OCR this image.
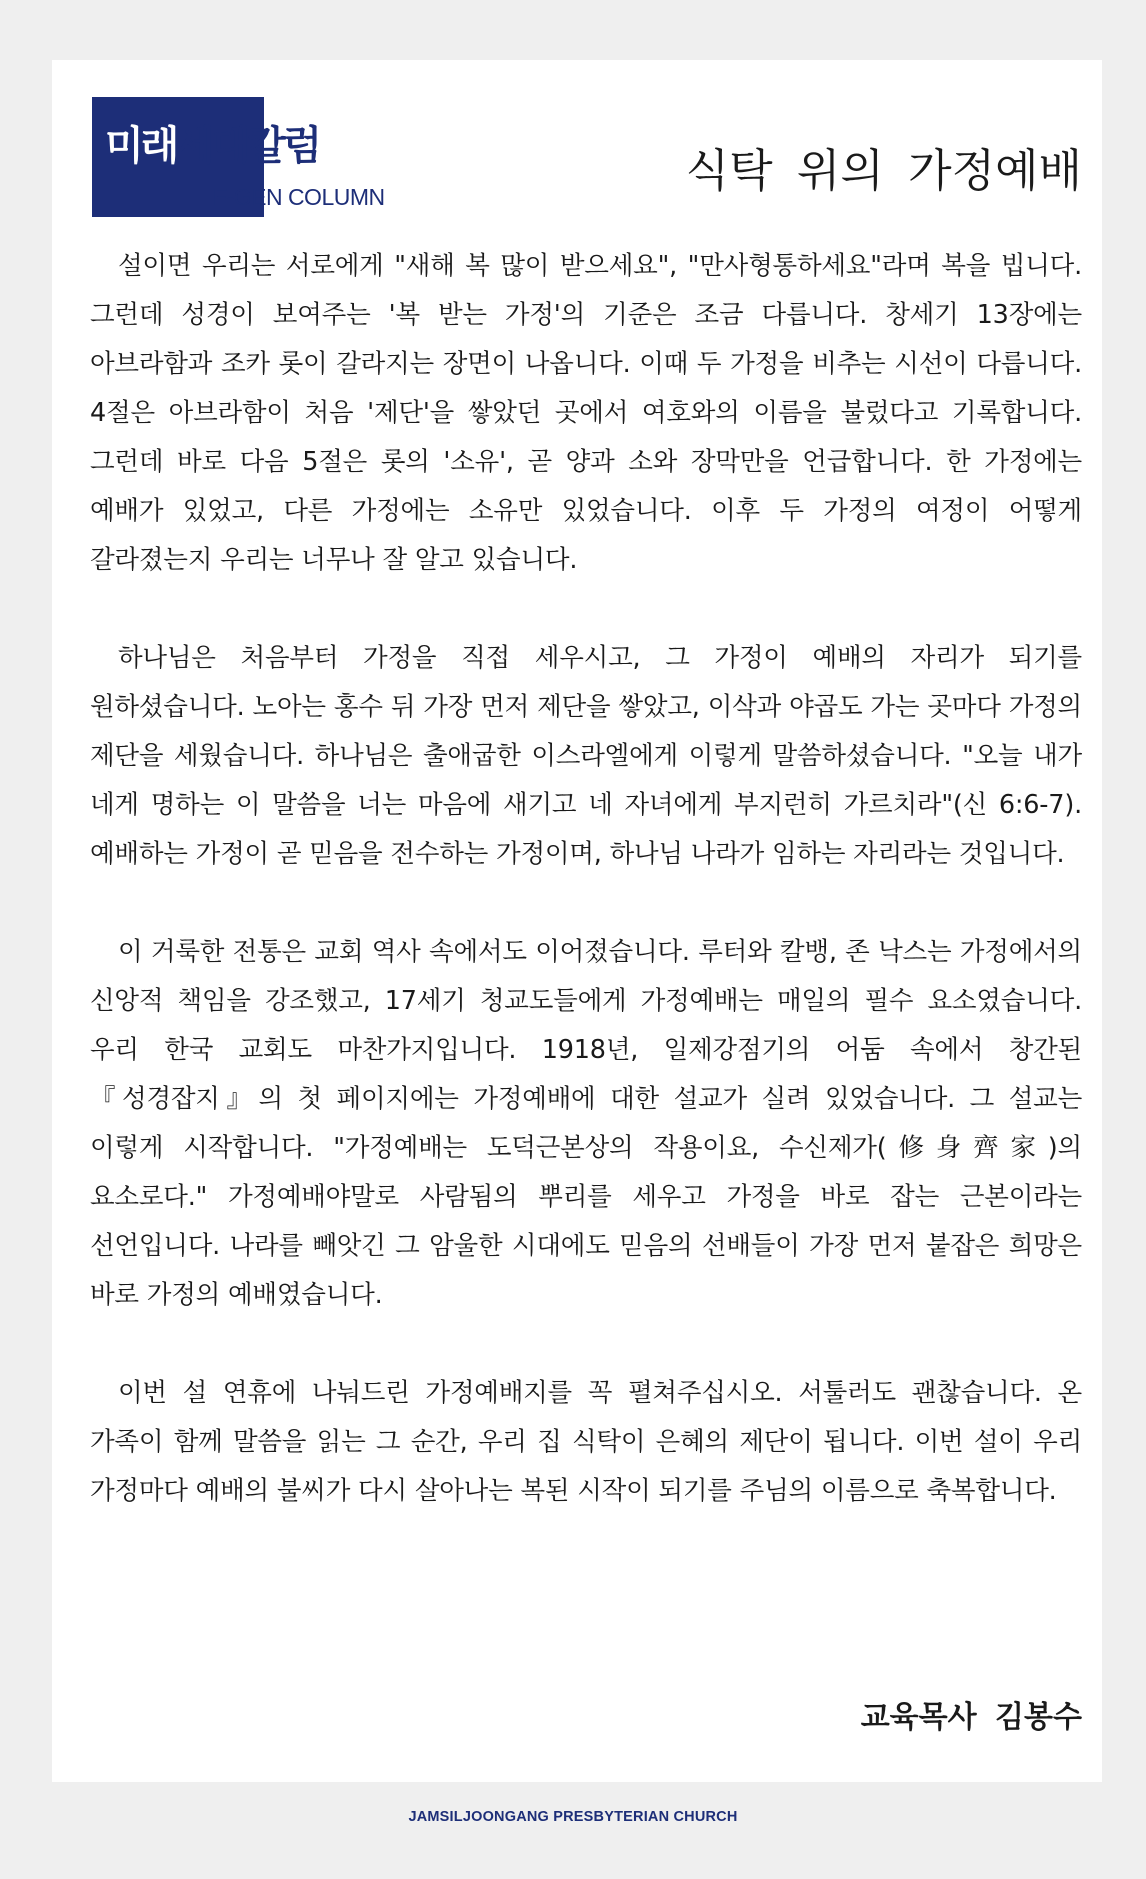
미래세대칼럼
F-GEN COLUMN	식탁 위의 가정예배

설이면 우리는 서로에게 "새해 복 많이 받으세요", "만사형통하세요"라며 복을 빕니다. 그런데 성경이 보여주는 '복 받는 가정'의 기준은 조금 다릅니다. 창세기 13장에는 아브라함과 조카 롯이 갈라지는 장면이 나옵니다. 이때 두 가정을 비추는 시선이 다릅니다. 4절은 아브라함이 처음 '제단'을 쌓았던 곳에서 여호와의 이름을 불렀다고 기록합니다. 그런데 바로 다음 5절은 롯의 '소유', 곧 양과 소와 장막만을 언급합니다. 한 가정에는 예배가 있었고, 다른 가정에는 소유만 있었습니다. 이후 두 가정의 여정이 어떻게 갈라졌는지 우리는 너무나 잘 알고 있습니다.

하나님은 처음부터 가정을 직접 세우시고, 그 가정이 예배의 자리가 되기를 원하셨습니다. 노아는 홍수 뒤 가장 먼저 제단을 쌓았고, 이삭과 야곱도 가는 곳마다 가정의 제단을 세웠습니다. 하나님은 출애굽한 이스라엘에게 이렇게 말씀하셨습니다. "오늘 내가 네게 명하는 이 말씀을 너는 마음에 새기고 네 자녀에게 부지런히 가르치라"(신 6:6-7). 예배하는 가정이 곧 믿음을 전수하는 가정이며, 하나님 나라가 임하는 자리라는 것입니다.

이 거룩한 전통은 교회 역사 속에서도 이어졌습니다. 루터와 칼뱅, 존 낙스는 가정에서의 신앙적 책임을 강조했고, 17세기 청교도들에게 가정예배는 매일의 필수 요소였습니다. 우리 한국 교회도 마찬가지입니다. 1918년, 일제강점기의 어둠 속에서 창간된 『성경잡지』의 첫 페이지에는 가정예배에 대한 설교가 실려 있었습니다. 그 설교는 이렇게 시작합니다. "가정예배는 도덕근본상의 작용이요, 수신제가(修身齊家)의 요소로다." 가정예배야말로 사람됨의 뿌리를 세우고 가정을 바로 잡는 근본이라는 선언입니다. 나라를 빼앗긴 그 암울한 시대에도 믿음의 선배들이 가장 먼저 붙잡은 희망은 바로 가정의 예배였습니다.

이번 설 연휴에 나눠드린 가정예배지를 꼭 펼쳐주십시오. 서툴러도 괜찮습니다. 온 가족이 함께 말씀을 읽는 그 순간, 우리 집 식탁이 은혜의 제단이 됩니다. 이번 설이 우리 가정마다 예배의 불씨가 다시 살아나는 복된 시작이 되기를 주님의 이름으로 축복합니다.

교육목사 김봉수
JAMSILJOONGANG PRESBYTERIAN CHURCH
